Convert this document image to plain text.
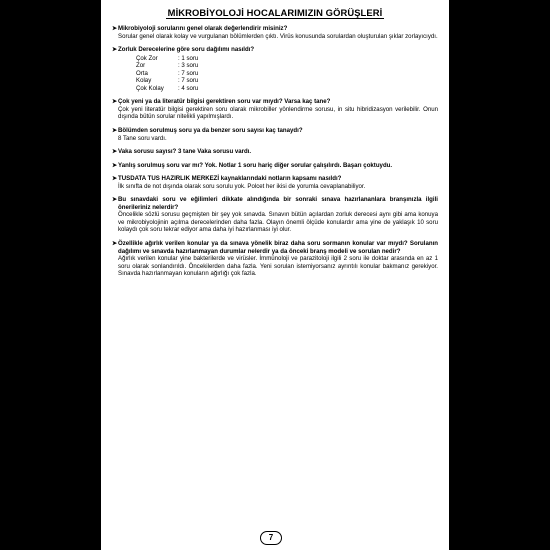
MİKROBİYOLOJİ HOCALARIMIZIN GÖRÜŞLERİ
➤Mikrobiyoloji sorularını genel olarak değerlendirir misiniz?
Sorular genel olarak kolay ve vurgulanan bölümlerden çıktı. Virüs konusunda sorulardan oluşturulan şıklar zorlayıcıydı.
➤Zorluk Derecelerine göre soru dağılımı nasıldı?
Çok Zor	: 1 soru
Zor	: 3 soru
Orta	: 7 soru
Kolay	: 7 soru
Çok Kolay	: 4 soru
➤Çok yeni ya da literatür bilgisi gerektiren soru var mıydı? Varsa kaç tane?
Çok yeni literatür bilgisi gerektiren soru olarak mikrobiller yönlendirme sorusu, in situ hibridizasyon verilebilir. Onun dışında bütün sorular nitelikli yapılmışlardı.
➤Bölümden sorulmuş soru ya da benzer soru sayısı kaç tanaydı?
8 Tane soru vardı.
➤Vaka sorusu sayısı? 3 tane Vaka sorusu vardı.
➤Yanlış sorulmuş soru var mı? Yok. Notlar 1 soru hariç diğer sorular çalışılırdı. Başarı çoktuydu.
➤TUSDATA TUS HAZIRLIK MERKEZİ kaynaklarındaki notların kapsamı nasıldı?
İlk sınıfta de not dışında olarak soru sorulu yok. Polcet her ikisi de yorumla cevaplanabiliyor.
➤Bu sınavdaki soru ve eğilimleri dikkate alındığında bir sonraki sınava hazırlananlara branşınızla ilgili önerileriniz nelerdir?
Öncelikle sözlü sorusu geçmişten bir şey yok sınavda. Sınavın bütün açılardan zorluk derecesi aynı gibi ama konuya ve mikrobiyolojinin açılma derecelerinden daha fazla. Olayın önemli ölçüde konulardır ama yine de yaklaşık 10 soru kolaydı çok soru tekrar ediyor ama daha iyi hazırlanması iyi olur.
➤Özellikle ağırlık verilen konular ya da sınava yönelik biraz daha soru sormanın konular var mıydı? Sorulanın dağılımı ve sınavda hazırlanmayan durumlar nelerdir ya da önceki branş modeli ve sorulan nedir?
Ağırlık verilen konular yine bakterilerde ve virüsler. İmmünoloji ve parazitoloji ilgili 2 soru ile doktar arasında en az 1 soru olarak sonlandırıldı. Öncekilerden daha fazla. Yeni sorulan istemiyorsanız ayrıntılı konular bakmanız gerekiyor. Sınavda hazırlanmayan konuların ağırlığı çok fazla.
7
